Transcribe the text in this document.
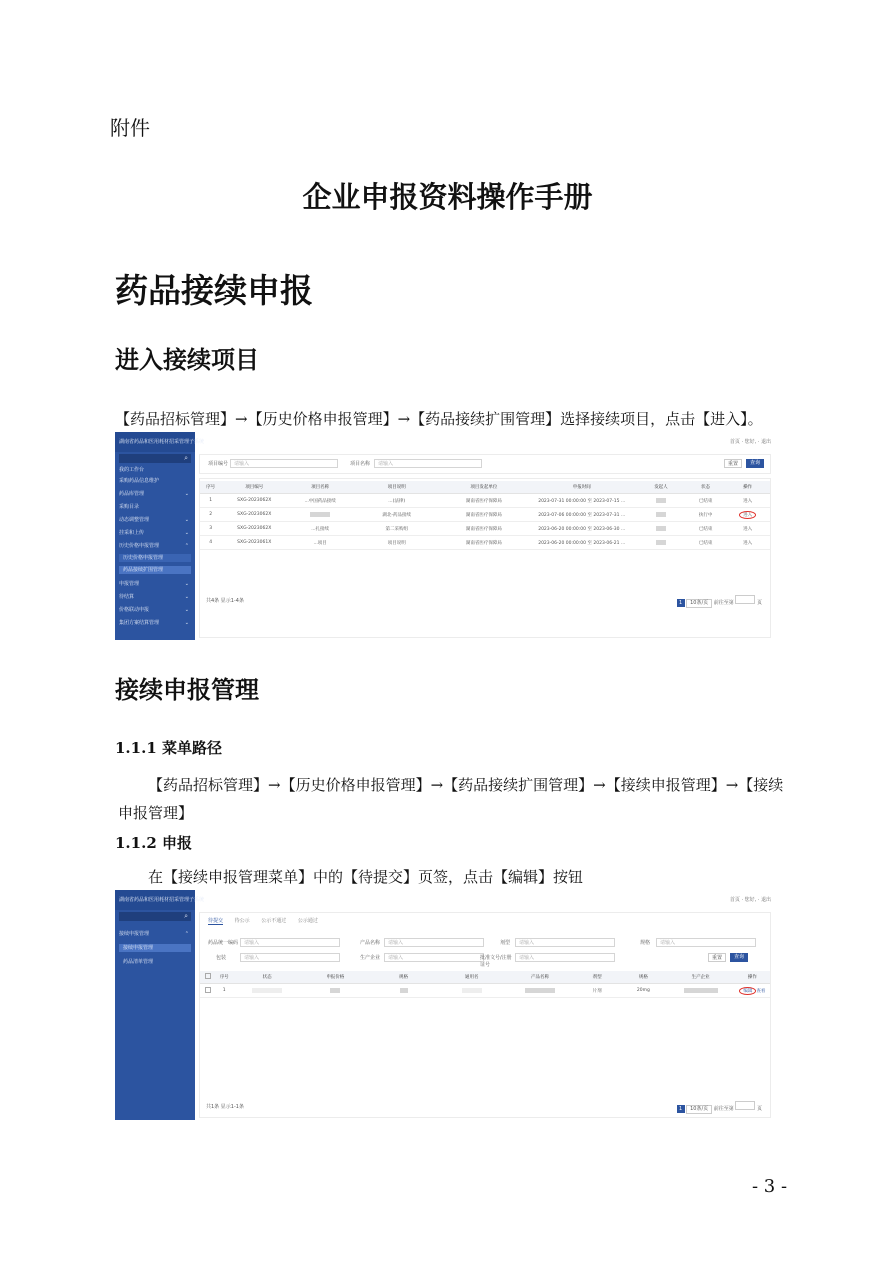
附件
企业申报资料操作手册
药品接续申报
进入接续项目
【药品招标管理】→【历史价格申报管理】→【药品接续扩围管理】选择接续项目，点击【进入】。
湖南省药品和医用耗材招采管理子系统
⌕
我的工作台
采购药品信息维护
药品库管理	⌄
采购目录
动态调整管理	⌄
挂采和上传	⌄
历史价格申报管理	⌃
历史价格申报管理
药品接续扩围管理
申报管理	⌄
待结算	⌄
价格联动申报	⌄
集团方案结算管理	⌄
首页 · 您好, · 退出
项目编号	请输入	项目名称	请输入	重置	查询
序号	项目编号	项目名称	项目说明	项目发起单位	申报时间	发起人	状态	操作
1	SXG-2023062X	...中国药品接续	...(法律)	湖南省医疗保障局	2023-07-31 00:00:00 至 2023-07-15 ...		已结束	进入
2	SXG-2023062X		湖北-药品接续	湖南省医疗保障局	2023-07-06 00:00:00 至 2023-07-31 ...		执行中	进入
3	SXG-2023062X	...扎接续	第二采购组	湖南省医疗保障局	2023-06-20 00:00:00 至 2023-06-30 ...		已结束	进入
4	SXG-2023061X	...项目	项目说明	湖南省医疗保障局	2023-06-20 00:00:00 至 2023-06-21 ...		已结束	进入
共4条 显示1-4条	1 10条/页 前往至第	页
接续申报管理
1.1.1 菜单路径
【药品招标管理】→【历史价格申报管理】→【药品接续扩围管理】→【接续申报管理】→【接续申报管理】
1.1.2 申报
在【接续申报管理菜单】中的【待提交】页签，点击【编辑】按钮
湖南省药品和医用耗材招采管理子系统
⌕
接续申报管理	⌃
接续申报管理
药品清单管理
首页 · 您好, · 退出
待提交 待公示 公示不通过 公示通过
药品统一编码	请输入	产品名称	请输入	剂型	请输入	规格	请输入
包装	请输入	生产企业	请输入	批准文号/注册证号
请输入	重置	查询
	序号	状态	申报价格	规格	通用名	产品名称	剂型	规格	生产企业	操作
	1						片剂	20mg		编辑 查看
共1条 显示1-1条	1 10条/页 前往至第	页
- 3 -
